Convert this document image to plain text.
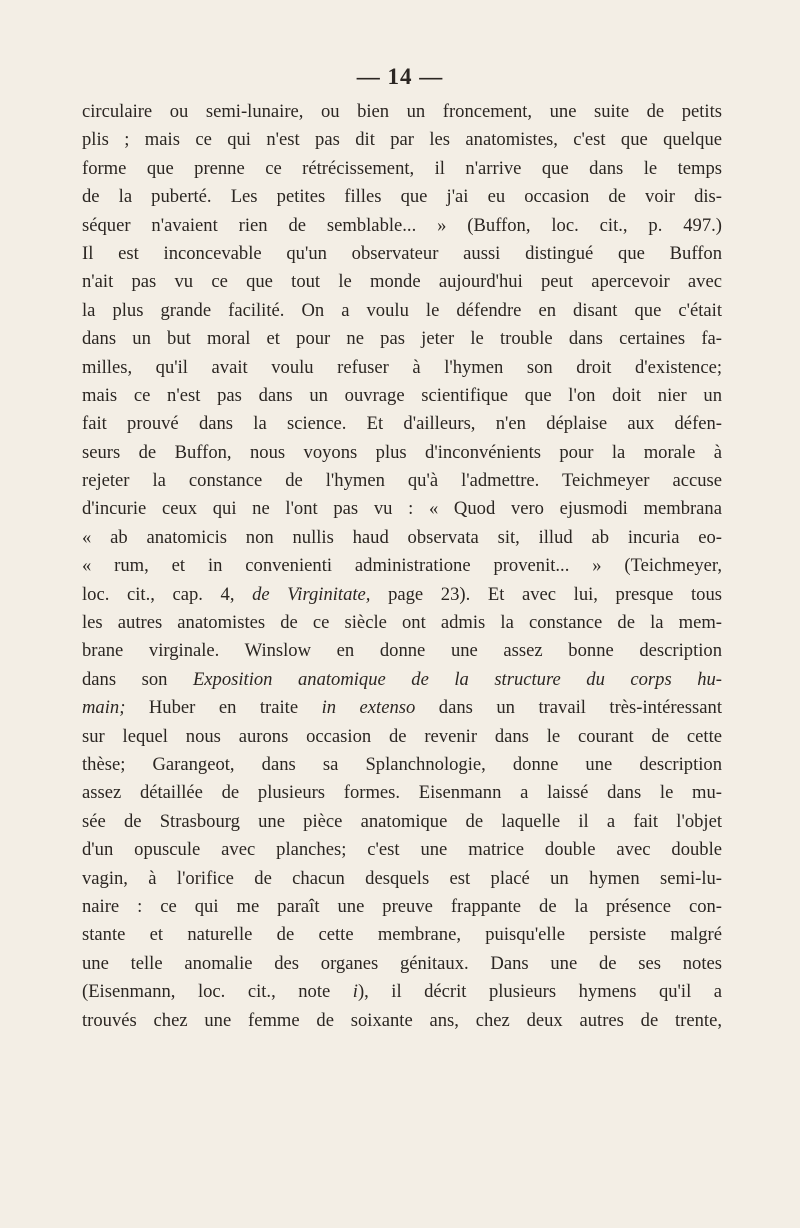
— 14 —
circulaire ou semi-lunaire, ou bien un froncement, une suite de petits
plis ; mais ce qui n'est pas dit par les anatomistes, c'est que quelque
forme que prenne ce rétrécissement, il n'arrive que dans le temps
de la puberté. Les petites filles que j'ai eu occasion de voir dis-
séquer n'avaient rien de semblable... » (Buffon, loc. cit., p. 497.)
Il est inconcevable qu'un observateur aussi distingué que Buffon
n'ait pas vu ce que tout le monde aujourd'hui peut apercevoir avec
la plus grande facilité. On a voulu le défendre en disant que c'était
dans un but moral et pour ne pas jeter le trouble dans certaines fa-
milles, qu'il avait voulu refuser à l'hymen son droit d'existence;
mais ce n'est pas dans un ouvrage scientifique que l'on doit nier un
fait prouvé dans la science. Et d'ailleurs, n'en déplaise aux défen-
seurs de Buffon, nous voyons plus d'inconvénients pour la morale à
rejeter la constance de l'hymen qu'à l'admettre. Teichmeyer accuse
d'incurie ceux qui ne l'ont pas vu : « Quod vero ejusmodi membrana
« ab anatomicis non nullis haud observata sit, illud ab incuria eo-
« rum, et in convenienti administratione provenit... » (Teichmeyer,
loc. cit., cap. 4, de Virginitate, page 23). Et avec lui, presque tous
les autres anatomistes de ce siècle ont admis la constance de la mem-
brane virginale. Winslow en donne une assez bonne description
dans son Exposition anatomique de la structure du corps hu-
main; Huber en traite in extenso dans un travail très-intéressant
sur lequel nous aurons occasion de revenir dans le courant de cette
thèse; Garangeot, dans sa Splanchnologie, donne une description
assez détaillée de plusieurs formes. Eisenmann a laissé dans le mu-
sée de Strasbourg une pièce anatomique de laquelle il a fait l'objet
d'un opuscule avec planches; c'est une matrice double avec double
vagin, à l'orifice de chacun desquels est placé un hymen semi-lu-
naire : ce qui me paraît une preuve frappante de la présence con-
stante et naturelle de cette membrane, puisqu'elle persiste malgré
une telle anomalie des organes génitaux. Dans une de ses notes
(Eisenmann, loc. cit., note i), il décrit plusieurs hymens qu'il a
trouvés chez une femme de soixante ans, chez deux autres de trente,
